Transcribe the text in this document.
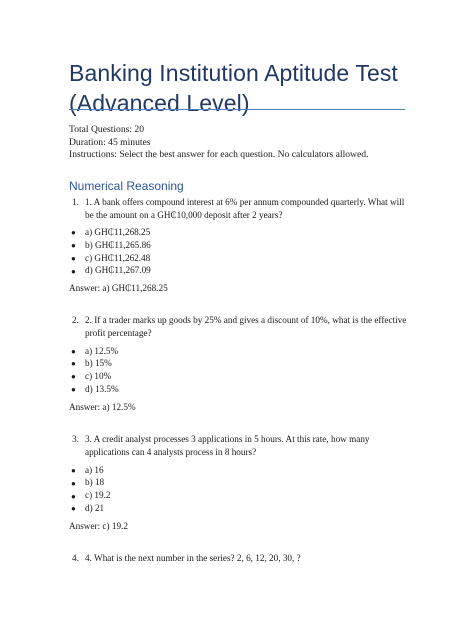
Banking Institution Aptitude Test
(Advanced Level)
Total Questions: 20
Duration: 45 minutes
Instructions: Select the best answer for each question. No calculators allowed.
Numerical Reasoning
1. 1. A bank offers compound interest at 6% per annum compounded quarterly. What will
be the amount on a GH₵10,000 deposit after 2 years?
● a) GH₵11,268.25
● b) GH₵11,265.86
● c) GH₵11,262.48
● d) GH₵11,267.09
Answer: a) GH₵11,268.25
2. 2. If a trader marks up goods by 25% and gives a discount of 10%, what is the effective
profit percentage?
● a) 12.5%
● b) 15%
● c) 10%
● d) 13.5%
Answer: a) 12.5%
3. 3. A credit analyst processes 3 applications in 5 hours. At this rate, how many
applications can 4 analysts process in 8 hours?
● a) 16
● b) 18
● c) 19.2
● d) 21
Answer: c) 19.2
4. 4. What is the next number in the series? 2, 6, 12, 20, 30, ?
